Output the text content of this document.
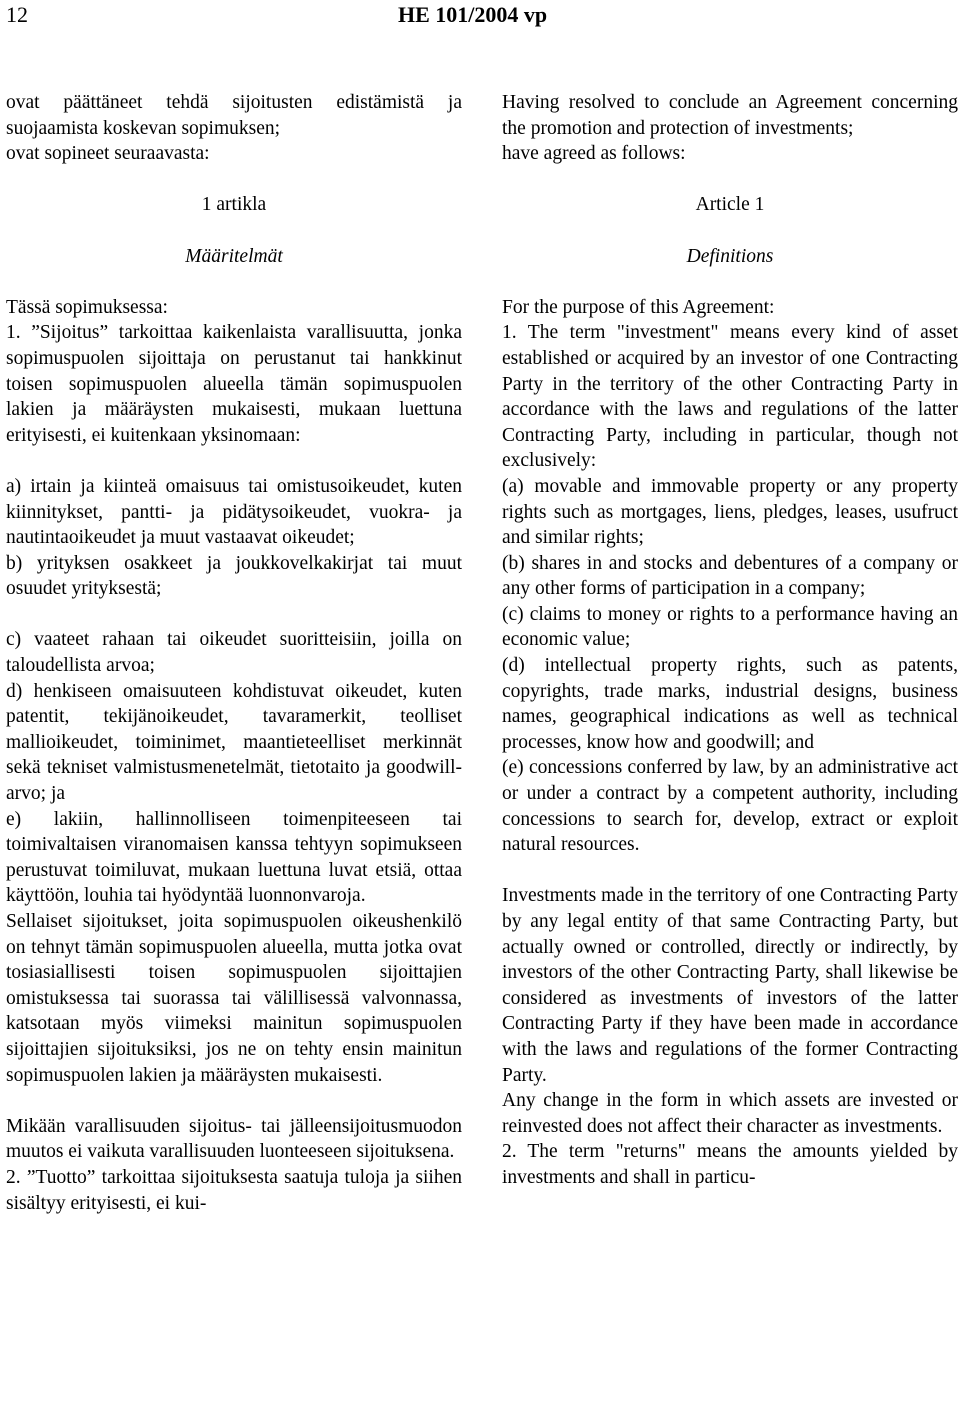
12	HE 101/2004 vp

ovat päättäneet tehdä sijoitusten edistämistä ja suojaamista koskevan sopimuksen;

ovat sopineet seuraavasta:

1 artikla

Määritelmät

Tässä sopimuksessa:

1. ”Sijoitus” tarkoittaa kaikenlaista varallisuutta, jonka sopimuspuolen sijoittaja on perustanut tai hankkinut toisen sopimuspuolen alueella tämän sopimuspuolen lakien ja määräysten mukaisesti, mukaan luettuna erityisesti, ei kuitenkaan yksinomaan:

a) irtain ja kiinteä omaisuus tai omistusoikeudet, kuten kiinnitykset, pantti- ja pidätysoikeudet, vuokra- ja nautintaoikeudet ja muut vastaavat oikeudet;

b) yrityksen osakkeet ja joukkovelkakirjat tai muut osuudet yrityksestä;

c) vaateet rahaan tai oikeudet suoritteisiin, joilla on taloudellista arvoa;

d) henkiseen omaisuuteen kohdistuvat oikeudet, kuten patentit, tekijänoikeudet, tavaramerkit, teolliset mallioikeudet, toiminimet, maantieteelliset merkinnät sekä tekniset valmistusmenetelmät, tietotaito ja goodwill-arvo; ja

e) lakiin, hallinnolliseen toimenpiteeseen tai toimivaltaisen viranomaisen kanssa tehtyyn sopimukseen perustuvat toimiluvat, mukaan luettuna luvat etsiä, ottaa käyttöön, louhia tai hyödyntää luonnonvaroja.

Sellaiset sijoitukset, joita sopimuspuolen oikeushenkilö on tehnyt tämän sopimuspuolen alueella, mutta jotka ovat tosiasiallisesti toisen sopimuspuolen sijoittajien omistuksessa tai suorassa tai välillisessä valvonnassa, katsotaan myös viimeksi mainitun sopimuspuolen sijoittajien sijoituksiksi, jos ne on tehty ensin mainitun sopimuspuolen lakien ja määräysten mukaisesti.

Mikään varallisuuden sijoitus- tai jälleensijoitusmuodon muutos ei vaikuta varallisuuden luonteeseen sijoituksena.

2. ”Tuotto” tarkoittaa sijoituksesta saatuja tuloja ja siihen sisältyy erityisesti, ei kui-

Having resolved to conclude an Agreement concerning the promotion and protection of investments;

have agreed as follows:

Article 1

Definitions

For the purpose of this Agreement:

1. The term "investment" means every kind of asset established or acquired by an investor of one Contracting Party in the territory of the other Contracting Party in accordance with the laws and regulations of the latter Contracting Party, including in particular, though not exclusively:

(a) movable and immovable property or any property rights such as mortgages, liens, pledges, leases, usufruct and similar rights;

(b) shares in and stocks and debentures of a company or any other forms of participation in a company;

(c) claims to money or rights to a performance having an economic value;

(d) intellectual property rights, such as patents, copyrights, trade marks, industrial designs, business names, geographical indications as well as technical processes, know how and goodwill; and

(e) concessions conferred by law, by an administrative act or under a contract by a competent authority, including concessions to search for, develop, extract or exploit natural resources.

Investments made in the territory of one Contracting Party by any legal entity of that same Contracting Party, but actually owned or controlled, directly or indirectly, by investors of the other Contracting Party, shall likewise be considered as investments of investors of the latter Contracting Party if they have been made in accordance with the laws and regulations of the former Contracting Party.

Any change in the form in which assets are invested or reinvested does not affect their character as investments.

2. The term "returns" means the amounts yielded by investments and shall in particu-
